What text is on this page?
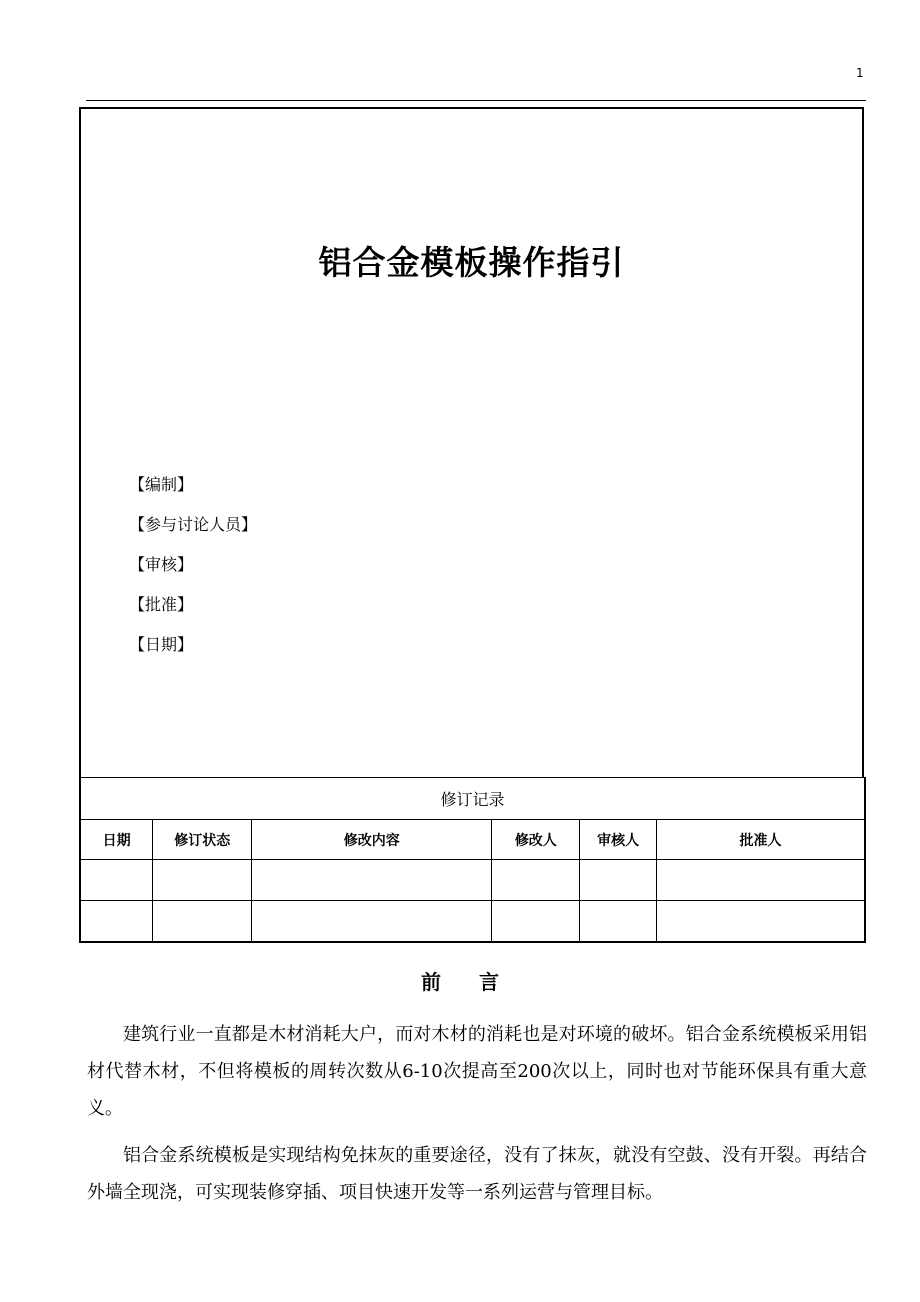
1
铝合金模板操作指引
【编制】
【参与讨论人员】
【审核】
【批准】
【日期】
修订记录					
日期	修订状态	修改内容	修改人	审核人	批准人

前言

建筑行业一直都是木材消耗大户，而对木材的消耗也是对环境的破坏。铝合金系统模板采用铝材代替木材，不但将模板的周转次数从6-10次提高至200次以上，同时也对节能环保具有重大意义。

铝合金系统模板是实现结构免抹灰的重要途径，没有了抹灰，就没有空鼓、没有开裂。再结合外墙全现浇，可实现装修穿插、项目快速开发等一系列运营与管理目标。
